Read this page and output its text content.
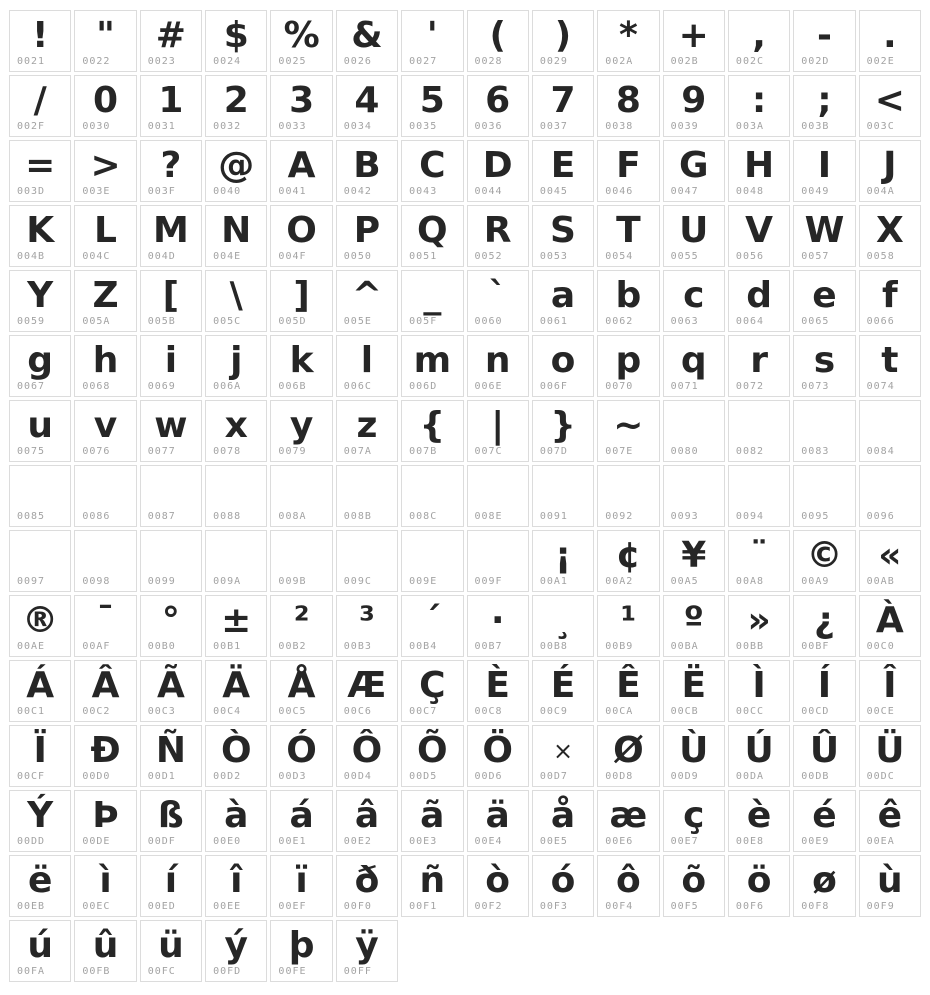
!
0021
"
0022
#
0023
$
0024
%
0025
&
0026
'
0027
(
0028
)
0029
*
002A
+
002B
,
002C
-
002D
.
002E
/
002F
0
0030
1
0031
2
0032
3
0033
4
0034
5
0035
6
0036
7
0037
8
0038
9
0039
:
003A
;
003B
<
003C
=
003D
>
003E
?
003F
@
0040
A
0041
B
0042
C
0043
D
0044
E
0045
F
0046
G
0047
H
0048
I
0049
J
004A
K
004B
L
004C
M
004D
N
004E
O
004F
P
0050
Q
0051
R
0052
S
0053
T
0054
U
0055
V
0056
W
0057
X
0058
Y
0059
Z
005A
[
005B
\
005C
]
005D
^
005E
_
005F
`
0060
a
0061
b
0062
c
0063
d
0064
e
0065
f
0066
g
0067
h
0068
i
0069
j
006A
k
006B
l
006C
m
006D
n
006E
o
006F
p
0070
q
0071
r
0072
s
0073
t
0074
u
0075
v
0076
w
0077
x
0078
y
0079
z
007A
{
007B
|
007C
}
007D
~
007E	0080	0082	0083	0084
0085	0086	0087	0088	008A	008B	008C	008E	0091	0092	0093	0094	0095	0096
0097	0098	0099	009A	009B	009C	009E	009F
¡
00A1
¢
00A2
¥
00A5
¨
00A8
©
00A9
«
00AB
®
00AE
¯
00AF
°
00B0
±
00B1
²
00B2
³
00B3
´
00B4
·
00B7
¸
00B8
¹
00B9
º
00BA
»
00BB
¿
00BF
À
00C0
Á
00C1
Â
00C2
Ã
00C3
Ä
00C4
Å
00C5
Æ
00C6
Ç
00C7
È
00C8
É
00C9
Ê
00CA
Ë
00CB
Ì
00CC
Í
00CD
Î
00CE
Ï
00CF
Ð
00D0
Ñ
00D1
Ò
00D2
Ó
00D3
Ô
00D4
Õ
00D5
Ö
00D6
×
00D7
Ø
00D8
Ù
00D9
Ú
00DA
Û
00DB
Ü
00DC
Ý
00DD
Þ
00DE
ß
00DF
à
00E0
á
00E1
â
00E2
ã
00E3
ä
00E4
å
00E5
æ
00E6
ç
00E7
è
00E8
é
00E9
ê
00EA
ë
00EB
ì
00EC
í
00ED
î
00EE
ï
00EF
ð
00F0
ñ
00F1
ò
00F2
ó
00F3
ô
00F4
õ
00F5
ö
00F6
ø
00F8
ù
00F9
ú
00FA
û
00FB
ü
00FC
ý
00FD
þ
00FE
ÿ
00FF
